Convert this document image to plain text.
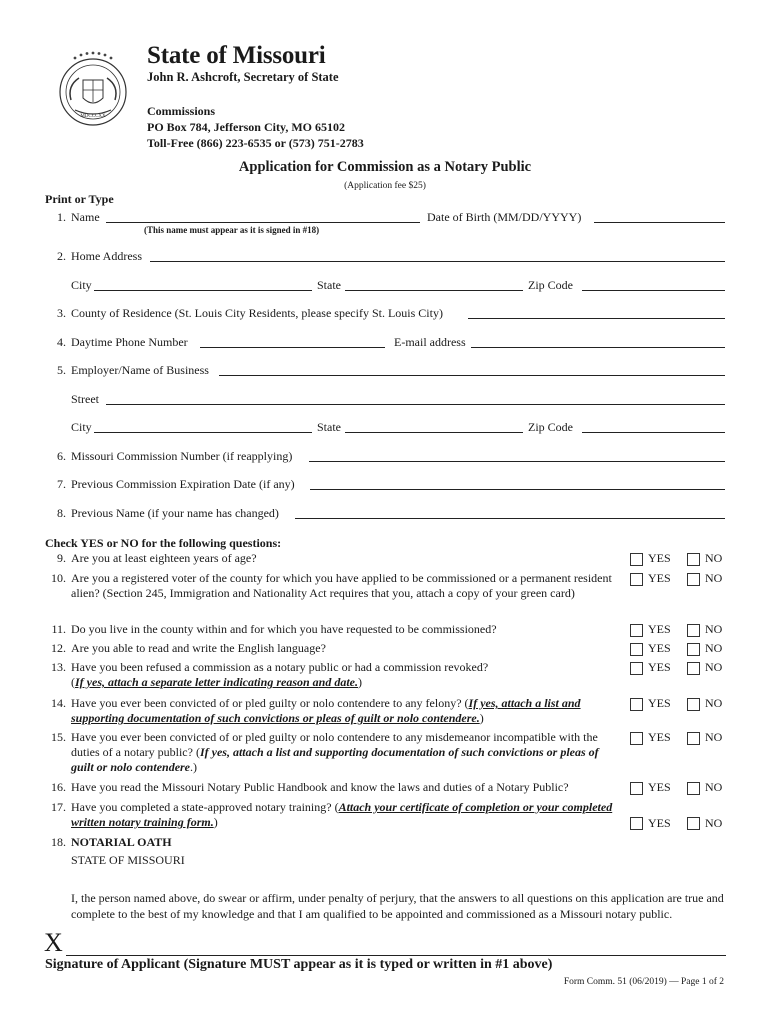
MDCCCXX
State of Missouri
John R. Ashcroft, Secretary of State
Commissions
PO Box 784, Jefferson City, MO 65102
Toll-Free (866) 223-6535 or (573) 751-2783
Application for Commission as a Notary Public
(Application fee $25)
Print or Type
1. Name	Date of Birth (MM/DD/YYYY)
(This name must appear as it is signed in #18)
2. Home Address
City	State	Zip Code
3. County of Residence (St. Louis City Residents, please specify St. Louis City)
4. Daytime Phone Number	E-mail address
5. Employer/Name of Business
Street
City	State	Zip Code
6. Missouri Commission Number (if reapplying)
7. Previous Commission Expiration Date (if any)
8. Previous Name (if your name has changed)
Check YES or NO for the following questions:
9. Are you at least eighteen years of age?	YES	NO
10. Are you a registered voter of the county for which you have applied to be commissioned or a permanent resident alien? (Section 245, Immigration and Nationality Act requires that you, attach a copy of your green card)
YES	NO
11. Do you live in the county within and for which you have requested to be commissioned?	YES	NO
12. Are you able to read and write the English language?	YES	NO
13. Have you been refused a commission as a notary public or had a commission revoked?
(If yes, attach a separate letter indicating reason and date.)
YES	NO
14. Have you ever been convicted of or pled guilty or nolo contendere to any felony? (If yes, attach a list and supporting documentation of such convictions or pleas of guilt or nolo contendere.)
YES	NO
15. Have you ever been convicted of or pled guilty or nolo contendere to any misdemeanor incompatible with the duties of a notary public? (If yes, attach a list and supporting documentation of such convictions or pleas of guilt or nolo contendere.)
YES	NO
16. Have you read the Missouri Notary Public Handbook and know the laws and duties of a Notary Public?	YES	NO
17. Have you completed a state-approved notary training? (Attach your certificate of completion or your completed written notary training form.)	YES	NO
18. NOTARIAL OATH
STATE OF MISSOURI
I, the person named above, do swear or affirm, under penalty of perjury, that the answers to all questions on this application are true and complete to the best of my knowledge and that I am qualified to be appointed and commissioned as a Missouri notary public.
X
Signature of Applicant (Signature MUST appear as it is typed or written in #1 above)
Form Comm. 51 (06/2019) — Page 1 of 2
